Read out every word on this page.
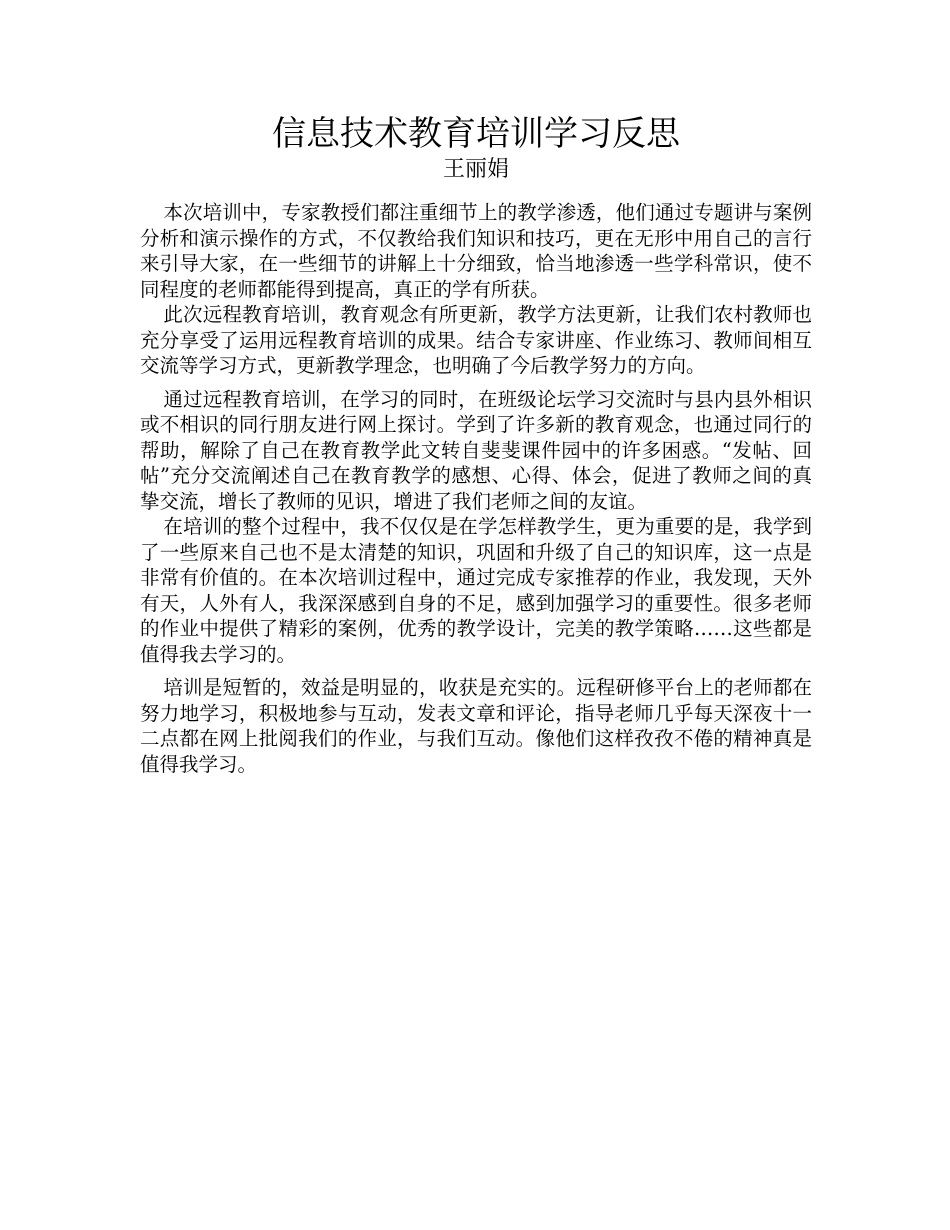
信息技术教育培训学习反思
王丽娟

本次培训中，专家教授们都注重细节上的教学渗透，他们通过专题讲与案例分析和演示操作的方式，不仅教给我们知识和技巧，更在无形中用自己的言行来引导大家，在一些细节的讲解上十分细致，恰当地渗透一些学科常识，使不同程度的老师都能得到提高，真正的学有所获。

此次远程教育培训，教育观念有所更新，教学方法更新，让我们农村教师也充分享受了运用远程教育培训的成果。结合专家讲座、作业练习、教师间相互交流等学习方式，更新教学理念，也明确了今后教学努力的方向。

通过远程教育培训，在学习的同时，在班级论坛学习交流时与县内县外相识或不相识的同行朋友进行网上探讨。学到了许多新的教育观念，也通过同行的帮助，解除了自己在教育教学此文转自斐斐课件园中的许多困惑。“发帖、回帖”充分交流阐述自己在教育教学的感想、心得、体会，促进了教师之间的真挚交流，增长了教师的见识，增进了我们老师之间的友谊。

在培训的整个过程中，我不仅仅是在学怎样教学生，更为重要的是，我学到了一些原来自己也不是太清楚的知识，巩固和升级了自己的知识库，这一点是非常有价值的。在本次培训过程中，通过完成专家推荐的作业，我发现，天外有天，人外有人，我深深感到自身的不足，感到加强学习的重要性。很多老师的作业中提供了精彩的案例，优秀的教学设计，完美的教学策略……这些都是值得我去学习的。

培训是短暂的，效益是明显的，收获是充实的。远程研修平台上的老师都在努力地学习，积极地参与互动，发表文章和评论，指导老师几乎每天深夜十一二点都在网上批阅我们的作业，与我们互动。像他们这样孜孜不倦的精神真是值得我学习。
